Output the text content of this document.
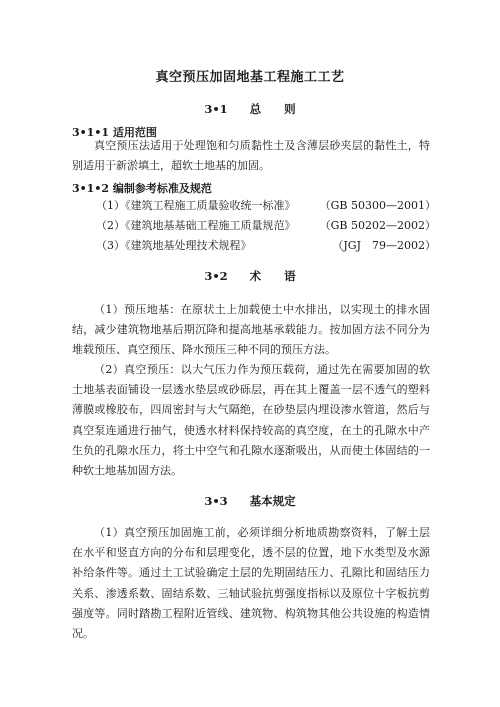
真空预压加固地基工程施工工艺
3•1 总　　则
3•1•1 适用范围

真空预压法适用于处理饱和匀质黏性土及含薄层砂夹层的黏性土，特别适用于新淤填土，超软土地基的加固。

3•1•2 编制参考标准及规范
（1）《建筑工程施工质量验收统一标准》 （GB 50300—2001）
（2）《建筑地基基础工程施工质量规范》 （GB 50202—2002）
（3）《建筑地基处理技术规程》	（JGJ　79—2002）
3•2 术　　语

（1）预压地基：在原状土上加载使土中水排出，以实现土的排水固结，减少建筑物地基后期沉降和提高地基承载能力。按加固方法不同分为堆载预压、真空预压、降水预压三种不同的预压方法。

（2）真空预压：以大气压力作为预压载荷，通过先在需要加固的软土地基表面铺设一层透水垫层或砂砾层，再在其上覆盖一层不透气的塑料薄膜或橡胶布，四周密封与大气隔绝，在砂垫层内埋设渗水管道，然后与真空泵连通进行抽气，使透水材料保持较高的真空度，在土的孔隙水中产生负的孔隙水压力，将土中空气和孔隙水逐渐吸出，从而使土体固结的一种软土地基加固方法。

3•3 基本规定

（1）真空预压加固施工前，必须详细分析地质勘察资料，了解土层在水平和竖直方向的分布和层理变化，透不层的位置，地下水类型及水源补给条件等。通过土工试验确定土层的先期固结压力、孔隙比和固结压力关系、渗透系数、固结系数、三轴试验抗剪强度指标以及原位十字板抗剪强度等。同时踏勘工程附近管线、建筑物、构筑物其他公共设施的构造情况。
